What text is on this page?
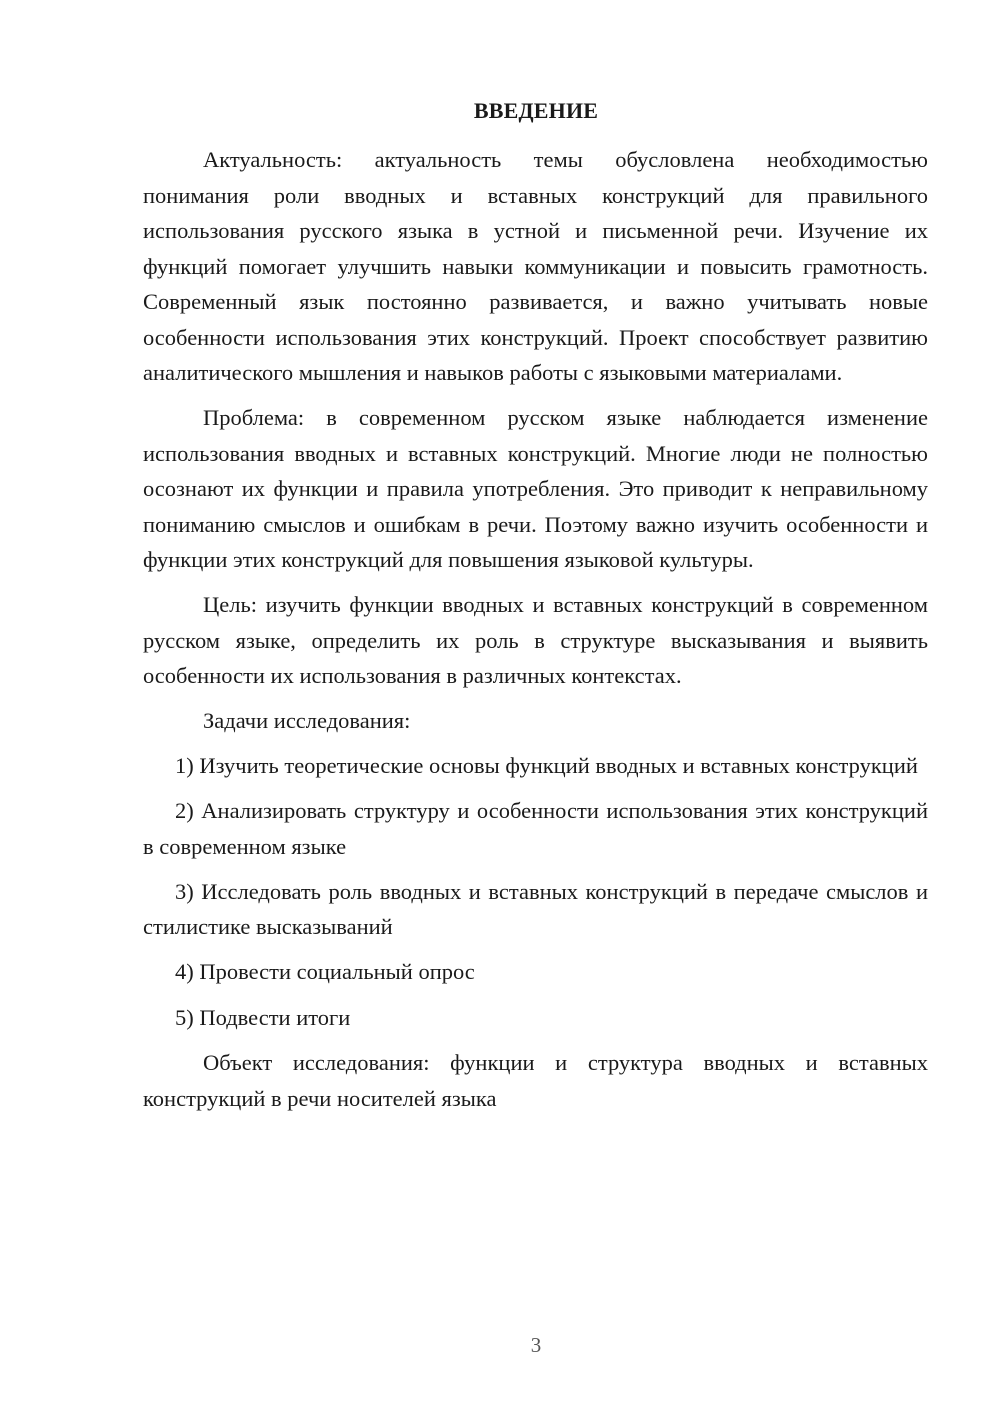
ВВЕДЕНИЕ

Актуальность: актуальность темы обусловлена необходимостью понимания роли вводных и вставных конструкций для правильного использования русского языка в устной и письменной речи. Изучение их функций помогает улучшить навыки коммуникации и повысить грамотность. Современный язык постоянно развивается, и важно учитывать новые особенности использования этих конструкций. Проект способствует развитию аналитического мышления и навыков работы с языковыми материалами.

Проблема: в современном русском языке наблюдается изменение использования вводных и вставных конструкций. Многие люди не полностью осознают их функции и правила употребления. Это приводит к неправильному пониманию смыслов и ошибкам в речи. Поэтому важно изучить особенности и функции этих конструкций для повышения языковой культуры.

Цель: изучить функции вводных и вставных конструкций в современном русском языке, определить их роль в структуре высказывания и выявить особенности их использования в различных контекстах.

Задачи исследования:

1) Изучить теоретические основы функций вводных и вставных конструкций

2) Анализировать структуру и особенности использования этих конструкций в современном языке

3) Исследовать роль вводных и вставных конструкций в передаче смыслов и стилистике высказываний

4) Провести социальный опрос

5) Подвести итоги

Объект исследования: функции и структура вводных и вставных конструкций в речи носителей языка

3
